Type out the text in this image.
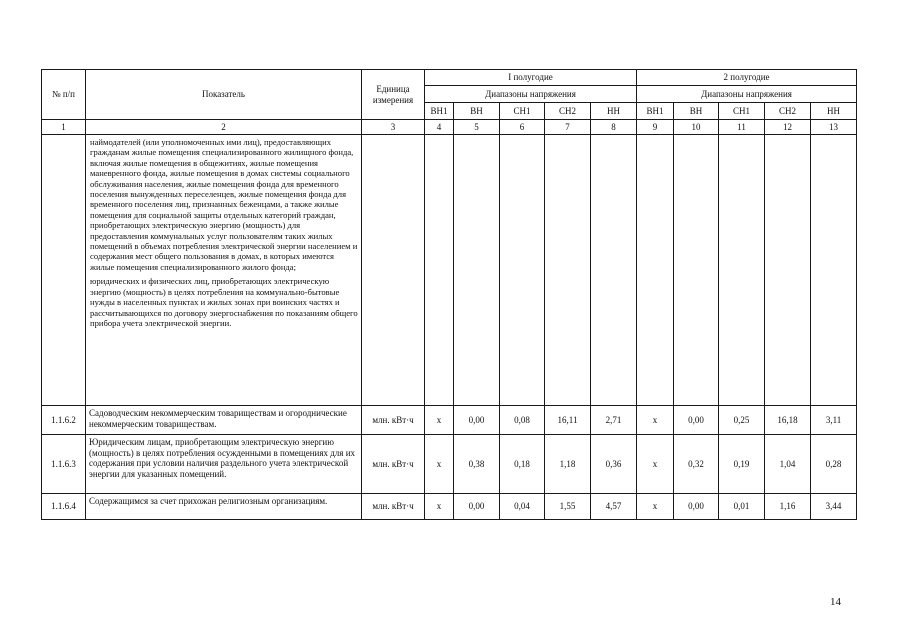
№ п/п	Показатель	Единица измерения	I полугодие					2 полугодие				
			Диапазоны напряжения					Диапазоны напряжения				
			ВН1	ВН	СН1	СН2	НН	ВН1	ВН	СН1	СН2	НН
1	2	3	4	5	6	7	8	9	10	11	12	13

	наймодателей (или уполномоченных ими лиц), предоставляющих гражданам жилые помещения специализированного жилищного фонда, включая жилые помещения в общежитиях, жилые помещения маневренного фонда, жилые помещения в домах системы социального обслуживания населения, жилые помещения фонда для временного поселения вынужденных переселенцев, жилые помещения фонда для временного поселения лиц, признанных беженцами, а также жилые помещения для социальной защиты отдельных категорий граждан, приобретающих электрическую энергию (мощность) для предоставления коммунальных услуг пользователям таких жилых помещений в объемах потребления электрической энергии населением и содержания мест общего пользования в домах, в которых имеются жилые помещения специализированного жилого фонда;

юридических и физических лиц, приобретающих электрическую энергию (мощность) в целях потребления на коммунально-бытовые нужды в населенных пунктах и жилых зонах при воинских частях и рассчитывающихся по договору энергоснабжения по показаниям общего прибора учета электрической энергии.											

1.1.6.2	Садоводческим некоммерческим товариществам и огороднические некоммерческим товариществам.	млн. кВт·ч	x	0,00	0,08	16,11	2,71	x	0,00	0,25	16,18	3,11
1.1.6.3	Юридическим лицам, приобретающим электрическую энергию (мощность) в целях потребления осужденными в помещениях для их содержания при условии наличия раздельного учета электрической энергии для указанных помещений.	млн. кВт·ч	x	0,38	0,18	1,18	0,36	x	0,32	0,19	1,04	0,28
1.1.6.4	Содержащимся за счет прихожан религиозным организациям.	млн. кВт·ч	x	0,00	0,04	1,55	4,57	x	0,00	0,01	1,16	3,44
14
